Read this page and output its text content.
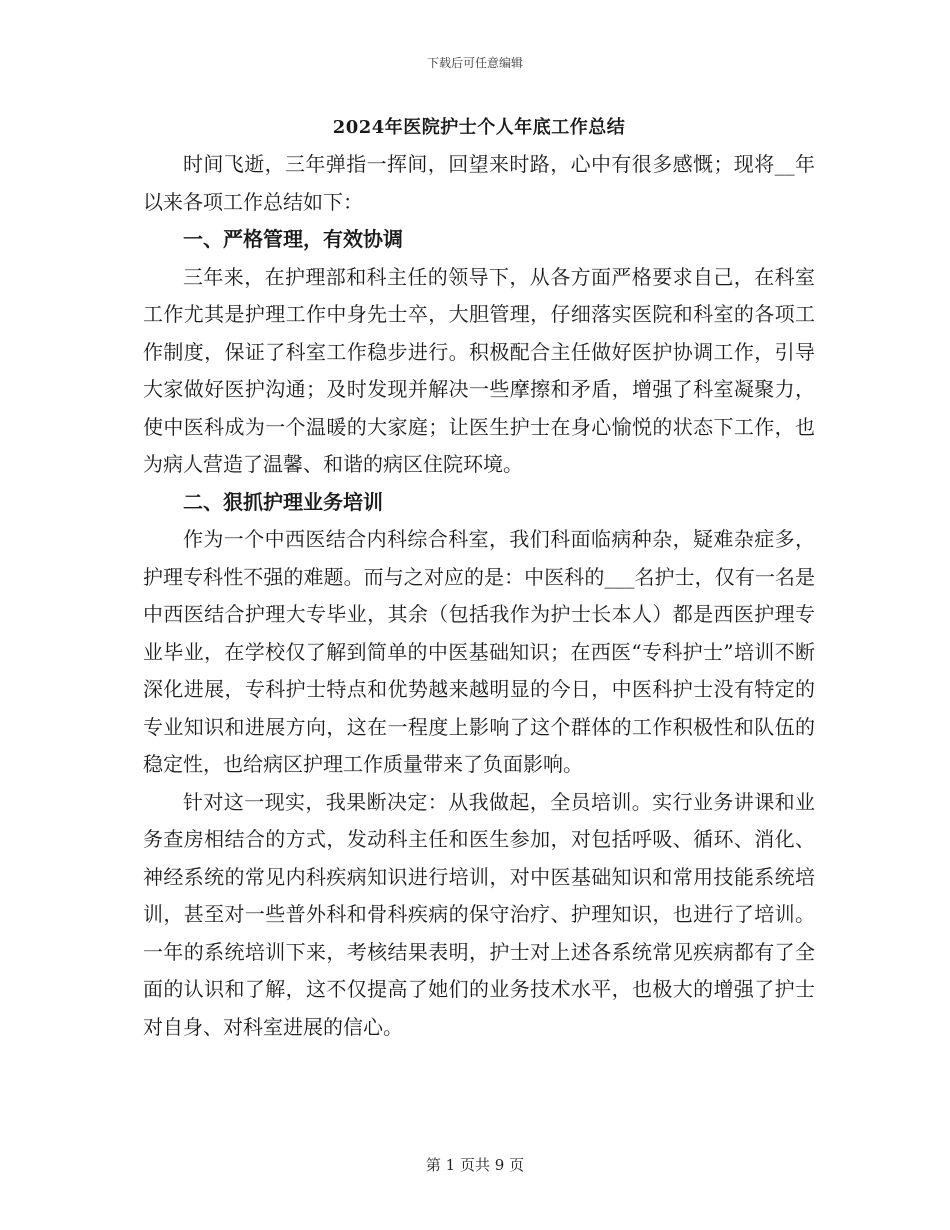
下载后可任意编辑
2024年医院护士个人年底工作总结

时间飞逝，三年弹指一挥间，回望来时路，心中有很多感慨；现将__年以来各项工作总结如下：

一、严格管理，有效协调

三年来，在护理部和科主任的领导下，从各方面严格要求自己，在科室工作尤其是护理工作中身先士卒，大胆管理，仔细落实医院和科室的各项工作制度，保证了科室工作稳步进行。积极配合主任做好医护协调工作，引导大家做好医护沟通；及时发现并解决一些摩擦和矛盾，增强了科室凝聚力，使中医科成为一个温暖的大家庭；让医生护士在身心愉悦的状态下工作，也为病人营造了温馨、和谐的病区住院环境。

二、狠抓护理业务培训

作为一个中西医结合内科综合科室，我们科面临病种杂，疑难杂症多，护理专科性不强的难题。而与之对应的是：中医科的___名护士，仅有一名是中西医结合护理大专毕业，其余（包括我作为护士长本人）都是西医护理专业毕业，在学校仅了解到简单的中医基础知识；在西医“专科护士”培训不断深化进展，专科护士特点和优势越来越明显的今日，中医科护士没有特定的专业知识和进展方向，这在一程度上影响了这个群体的工作积极性和队伍的稳定性，也给病区护理工作质量带来了负面影响。

针对这一现实，我果断决定：从我做起，全员培训。实行业务讲课和业务查房相结合的方式，发动科主任和医生参加，对包括呼吸、循环、消化、神经系统的常见内科疾病知识进行培训，对中医基础知识和常用技能系统培训，甚至对一些普外科和骨科疾病的保守治疗、护理知识，也进行了培训。一年的系统培训下来，考核结果表明，护士对上述各系统常见疾病都有了全面的认识和了解，这不仅提高了她们的业务技术水平，也极大的增强了护士对自身、对科室进展的信心。

第 1 页共 9 页
